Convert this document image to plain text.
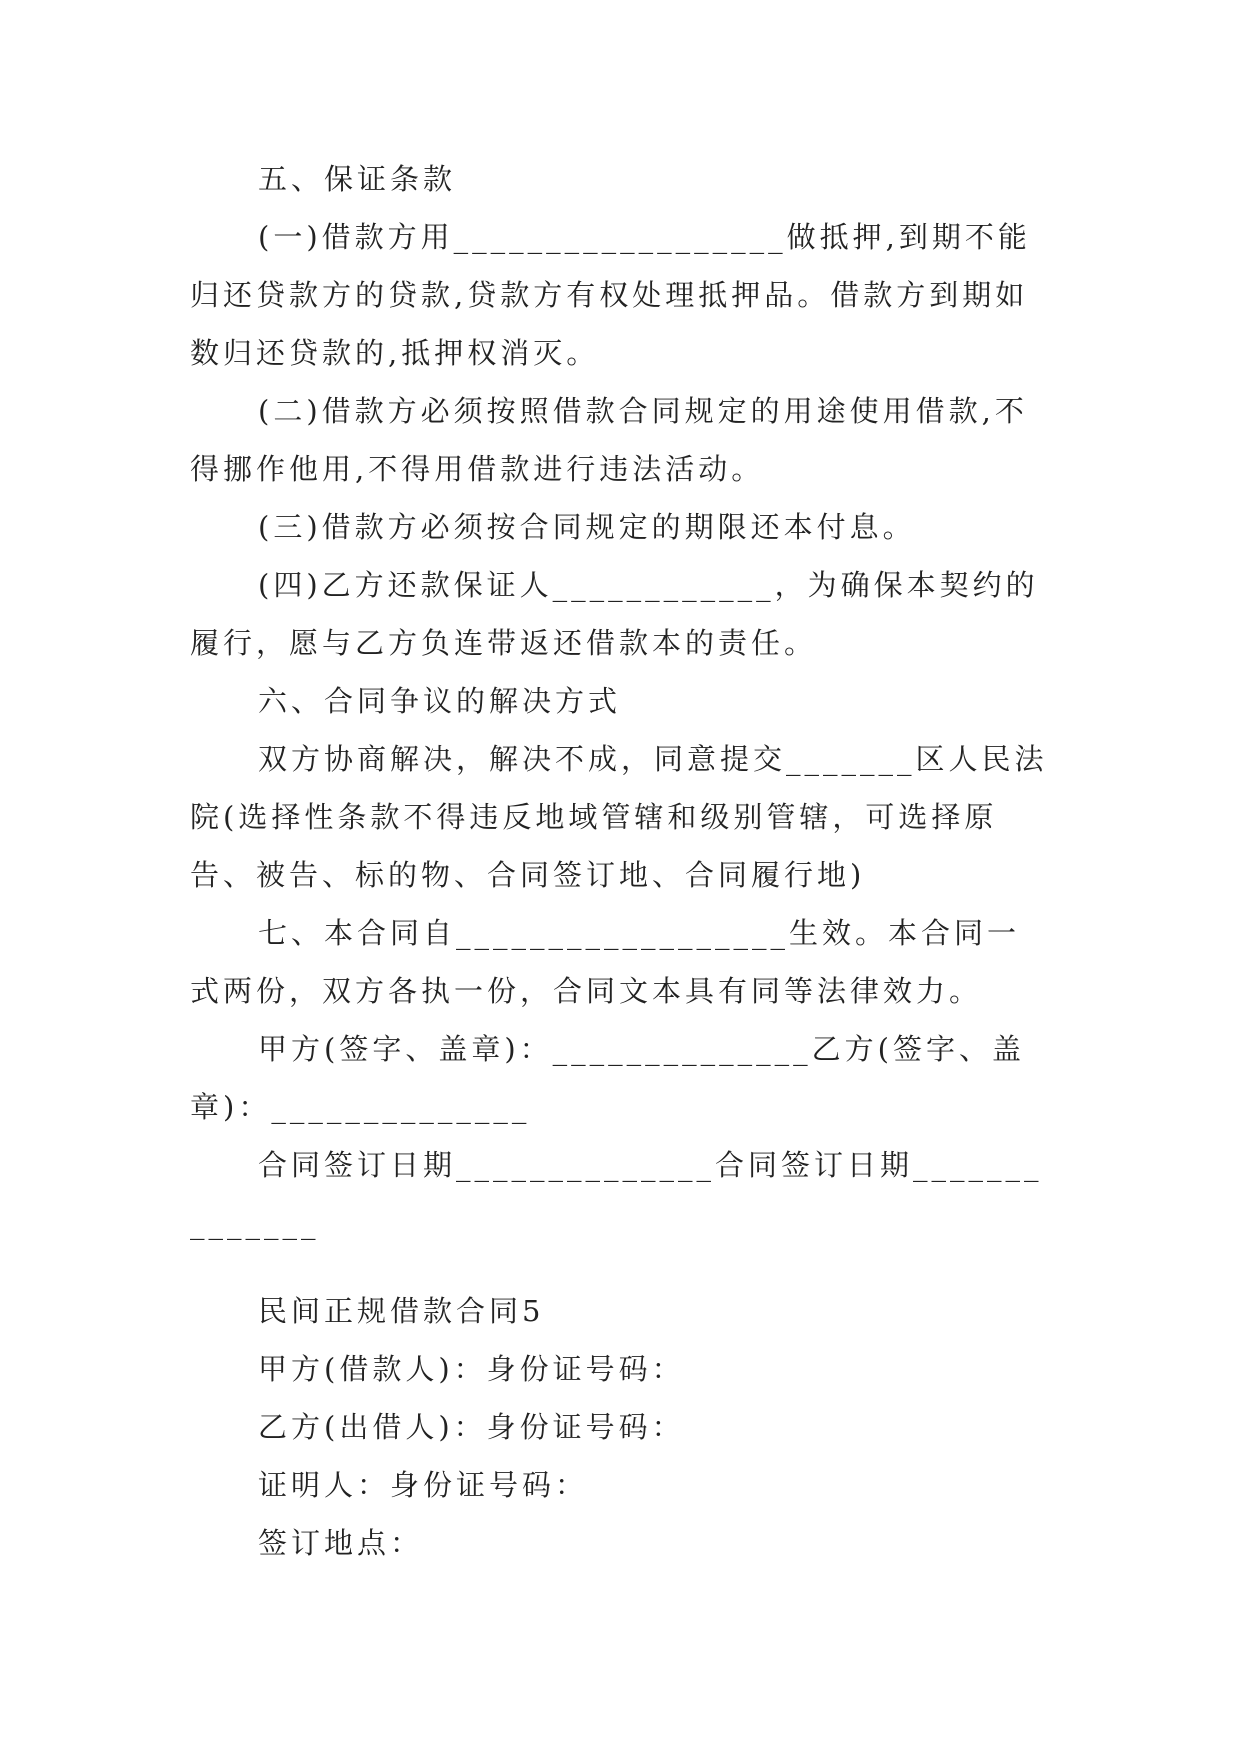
五、保证条款

(一)借款方用__________________做抵押,到期不能归还贷款方的贷款,贷款方有权处理抵押品。借款方到期如数归还贷款的,抵押权消灭。

(二)借款方必须按照借款合同规定的用途使用借款,不得挪作他用,不得用借款进行违法活动。

(三)借款方必须按合同规定的期限还本付息。

(四)乙方还款保证人____________，为确保本契约的履行，愿与乙方负连带返还借款本的责任。

六、合同争议的解决方式

双方协商解决，解决不成，同意提交_______区人民法院(选择性条款不得违反地域管辖和级别管辖，可选择原告、被告、标的物、合同签订地、合同履行地)

七、本合同自__________________生效。本合同一式两份，双方各执一份，合同文本具有同等法律效力。

甲方(签字、盖章)：______________乙方(签字、盖章)：______________

合同签订日期______________合同签订日期______________

民间正规借款合同5

甲方(借款人)：身份证号码：

乙方(出借人)：身份证号码：

证明人：身份证号码：

签订地点：
